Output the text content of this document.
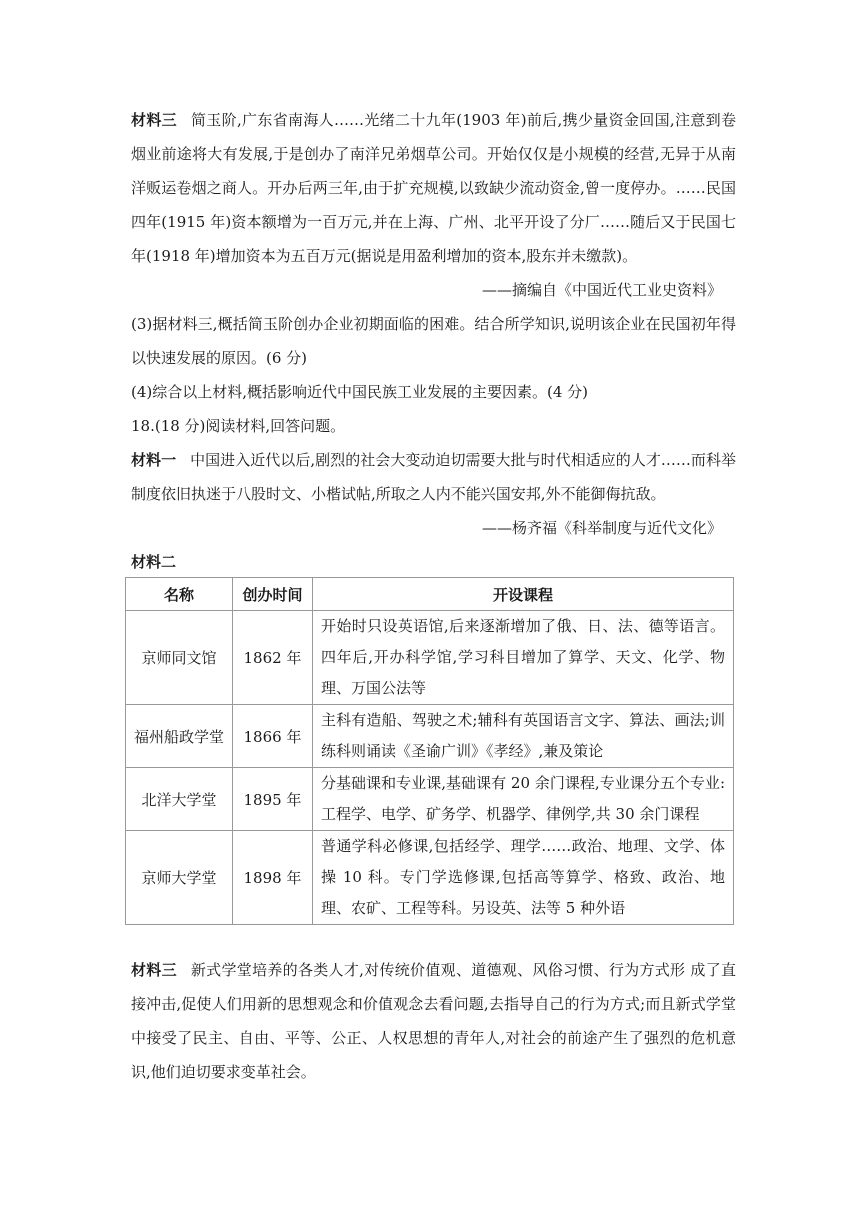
材料三 简玉阶,广东省南海人……光绪二十九年(1903 年)前后,携少量资金回国,注意到卷烟业前途将大有发展,于是创办了南洋兄弟烟草公司。开始仅仅是小规模的经营,无异于从南洋贩运卷烟之商人。开办后两三年,由于扩充规模,以致缺少流动资金,曾一度停办。……民国四年(1915 年)资本额增为一百万元,并在上海、广州、北平开设了分厂……随后又于民国七年(1918 年)增加资本为五百万元(据说是用盈利增加的资本,股东并未缴款)。

——摘编自《中国近代工业史资料》

(3)据材料三,概括简玉阶创办企业初期面临的困难。结合所学知识,说明该企业在民国初年得以快速发展的原因。(6 分)

(4)综合以上材料,概括影响近代中国民族工业发展的主要因素。(4 分)

18.(18 分)阅读材料,回答问题。

材料一 中国进入近代以后,剧烈的社会大变动迫切需要大批与时代相适应的人才……而科举制度依旧执迷于八股时文、小楷试帖,所取之人内不能兴国安邦,外不能御侮抗敌。

——杨齐福《科举制度与近代文化》

材料二

名称	创办时间	开设课程
京师同文馆	1862 年	开始时只设英语馆,后来逐渐增加了俄、日、法、德等语言。四年后,开办科学馆,学习科目增加了算学、天文、化学、物理、万国公法等
福州船政学堂	1866 年	主科有造船、驾驶之术;辅科有英国语言文字、算法、画法;训练科则诵读《圣谕广训》《孝经》,兼及策论
北洋大学堂	1895 年	分基础课和专业课,基础课有 20 余门课程,专业课分五个专业:工程学、电学、矿务学、机器学、律例学,共 30 余门课程
京师大学堂	1898 年	普通学科必修课,包括经学、理学……政治、地理、文学、体操 10 科。专门学选修课,包括高等算学、格致、政治、地理、农矿、工程等科。另设英、法等 5 种外语

材料三 新式学堂培养的各类人才,对传统价值观、道德观、风俗习惯、行为方式形 成了直接冲击,促使人们用新的思想观念和价值观念去看问题,去指导自己的行为方式;而且新式学堂中接受了民主、自由、平等、公正、人权思想的青年人,对社会的前途产生了强烈的危机意识,他们迫切要求变革社会。
